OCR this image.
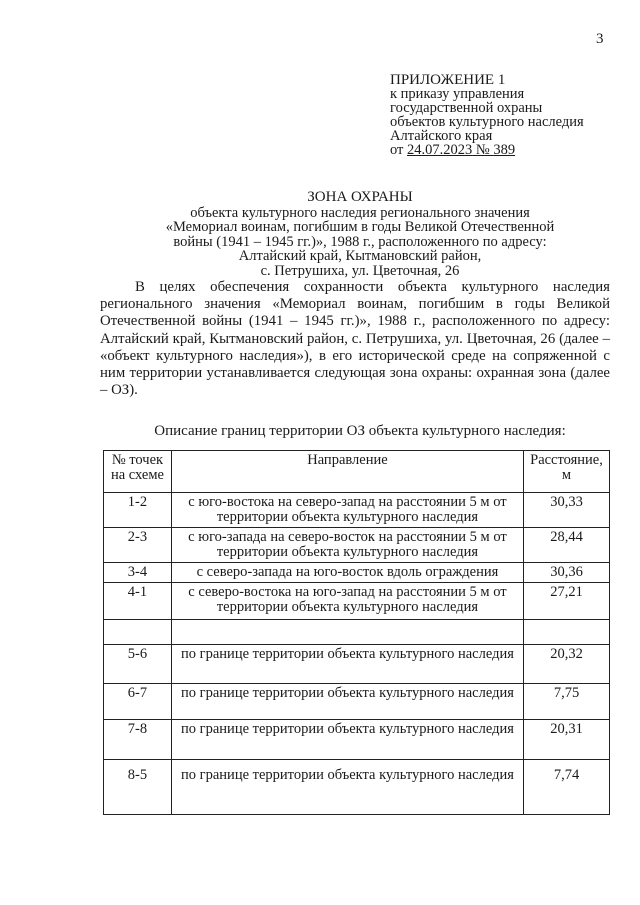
3
ПРИЛОЖЕНИЕ 1
к приказу управления
государственной охраны
объектов культурного наследия
Алтайского края
от 24.07.2023 № 389
ЗОНА ОХРАНЫ
объекта культурного наследия регионального значения
«Мемориал воинам, погибшим в годы Великой Отечественной
войны (1941 – 1945 гг.)», 1988 г., расположенного по адресу:
Алтайский край, Кытмановский район,
с. Петрушиха, ул. Цветочная, 26
В целях обеспечения сохранности объекта культурного наследия регионального значения «Мемориал воинам, погибшим в годы Великой Отечественной войны (1941 – 1945 гг.)», 1988 г., расположенного по адресу: Алтайский край, Кытмановский район, с. Петрушиха, ул. Цветочная, 26 (далее – «объект культурного наследия»), в его исторической среде на сопряженной с ним территории устанавливается следующая зона охраны: охранная зона (далее – ОЗ).
Описание границ территории ОЗ объекта культурного наследия:
№ точек на схеме	Направление	Расстояние, м
1-2	с юго-востока на северо-запад на расстоянии 5 м от территории объекта культурного наследия	30,33
2-3	с юго-запада на северо-восток на расстоянии 5 м от территории объекта культурного наследия	28,44
3-4	с северо-запада на юго-восток вдоль ограждения	30,36
4-1	с северо-востока на юго-запад на расстоянии 5 м от территории объекта культурного наследия	27,21

5-6	по границе территории объекта культурного наследия	20,32
6-7	по границе территории объекта культурного наследия	7,75
7-8	по границе территории объекта культурного наследия	20,31
8-5	по границе территории объекта культурного наследия	7,74
